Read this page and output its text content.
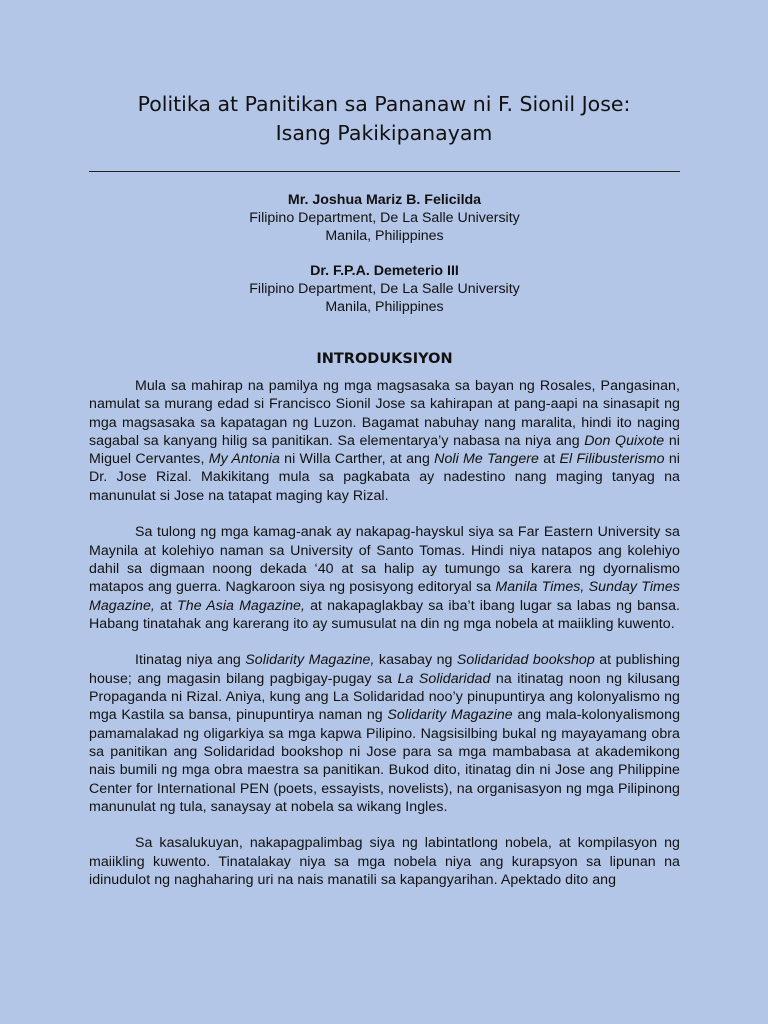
Politika at Panitikan sa Pananaw ni F. Sionil Jose:
Isang Pakikipanayam
Mr. Joshua Mariz B. Felicilda
Filipino Department, De La Salle University
Manila, Philippines
Dr. F.P.A. Demeterio III
Filipino Department, De La Salle University
Manila, Philippines
INTRODUKSIYON

Mula sa mahirap na pamilya ng mga magsasaka sa bayan ng Rosales, Pangasinan, namulat sa murang edad si Francisco Sionil Jose sa kahirapan at pang-aapi na sinasapit ng mga magsasaka sa kapatagan ng Luzon. Bagamat nabuhay nang maralita, hindi ito naging sagabal sa kanyang hilig sa panitikan. Sa elementarya’y nabasa na niya ang Don Quixote ni Miguel Cervantes, My Antonia ni Willa Carther, at ang Noli Me Tangere at El Filibusterismo ni Dr. Jose Rizal. Makikitang mula sa pagkabata ay nadestino nang maging tanyag na manunulat si Jose na tatapat maging kay Rizal.

Sa tulong ng mga kamag-anak ay nakapag-hayskul siya sa Far Eastern University sa Maynila at kolehiyo naman sa University of Santo Tomas. Hindi niya natapos ang kolehiyo dahil sa digmaan noong dekada ‘40 at sa halip ay tumungo sa karera ng dyornalismo matapos ang guerra. Nagkaroon siya ng posisyong editoryal sa Manila Times, Sunday Times Magazine, at The Asia Magazine, at nakapaglakbay sa iba’t ibang lugar sa labas ng bansa. Habang tinatahak ang karerang ito ay sumusulat na din ng mga nobela at maiikling kuwento.

Itinatag niya ang Solidarity Magazine, kasabay ng Solidaridad bookshop at publishing house; ang magasin bilang pagbigay-pugay sa La Solidaridad na itinatag noon ng kilusang Propaganda ni Rizal. Aniya, kung ang La Solidaridad noo’y pinupuntirya ang kolonyalismo ng mga Kastila sa bansa, pinupuntirya naman ng Solidarity Magazine ang mala-kolonyalismong pamamalakad ng oligarkiya sa mga kapwa Pilipino. Nagsisilbing bukal ng mayayamang obra sa panitikan ang Solidaridad bookshop ni Jose para sa mga mambabasa at akademikong nais bumili ng mga obra maestra sa panitikan. Bukod dito, itinatag din ni Jose ang Philippine Center for International PEN (poets, essayists, novelists), na organisasyon ng mga Pilipinong manunulat ng tula, sanaysay at nobela sa wikang Ingles.

Sa kasalukuyan, nakapagpalimbag siya ng labintatlong nobela, at kompilasyon ng maiikling kuwento. Tinatalakay niya sa mga nobela niya ang kurapsyon sa lipunan na idinudulot ng naghaharing uri na nais manatili sa kapangyarihan. Apektado dito ang
